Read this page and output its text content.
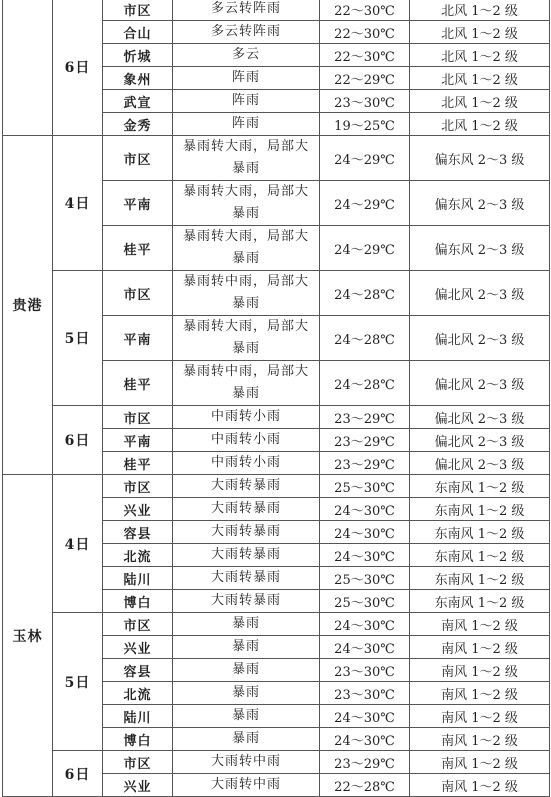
	6日	市区	多云转阵雨	22～30℃	北风 1～2 级
		合山	多云转阵雨	22～30℃	北风 1～2 级
		忻城	多云	22～30℃	北风 1～2 级
		象州	阵雨	22～29℃	北风 1～2 级
		武宣	阵雨	23～30℃	北风 1～2 级
		金秀	阵雨	19～25℃	北风 1～2 级
贵港	4日	市区	暴雨转大雨，局部大暴雨	24～29℃	偏东风 2～3 级
		平南	暴雨转大雨，局部大暴雨	24～29℃	偏东风 2～3 级
		桂平	暴雨转大雨，局部大暴雨	24～29℃	偏东风 2～3 级
	5日	市区	暴雨转中雨，局部大暴雨	24～28℃	偏北风 2～3 级
		平南	暴雨转大雨，局部大暴雨	24～28℃	偏北风 2～3 级
		桂平	暴雨转中雨，局部大暴雨	24～28℃	偏北风 2～3 级
	6日	市区	中雨转小雨	23～29℃	偏北风 2～3 级
		平南	中雨转小雨	23～29℃	偏北风 2～3 级
		桂平	中雨转小雨	23～29℃	偏北风 2～3 级
玉林	4日	市区	大雨转暴雨	25～30℃	东南风 1～2 级
		兴业	大雨转暴雨	24～30℃	东南风 1～2 级
		容县	大雨转暴雨	24～30℃	东南风 1～2 级
		北流	大雨转暴雨	24～30℃	东南风 1～2 级
		陆川	大雨转暴雨	25～30℃	东南风 1～2 级
		博白	大雨转暴雨	25～30℃	东南风 1～2 级
	5日	市区	暴雨	24～30℃	南风 1～2 级
		兴业	暴雨	24～30℃	南风 1～2 级
		容县	暴雨	23～30℃	南风 1～2 级
		北流	暴雨	23～30℃	南风 1～2 级
		陆川	暴雨	24～30℃	南风 1～2 级
		博白	暴雨	24～30℃	南风 1～2 级
	6日	市区	大雨转中雨	23～29℃	南风 1～2 级
		兴业	大雨转中雨	22～28℃	南风 1～2 级
